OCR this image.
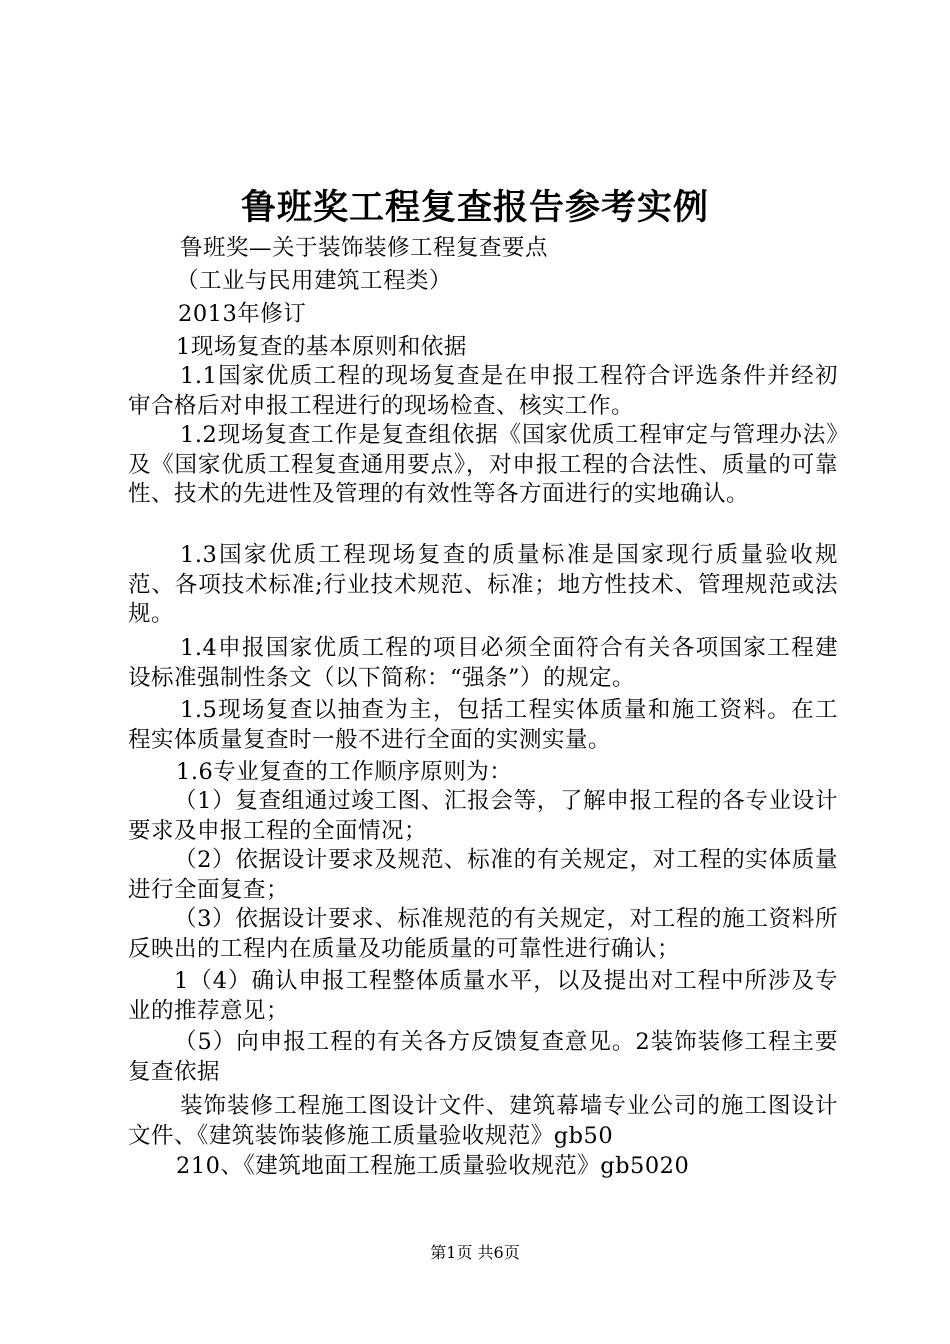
鲁班奖工程复查报告参考实例

鲁班奖—关于装饰装修工程复查要点

（工业与民用建筑工程类）

2013年修订

1现场复查的基本原则和依据

1.1国家优质工程的现场复查是在申报工程符合评选条件并经初审合格后对申报工程进行的现场检查、核实工作。

1.2现场复查工作是复查组依据《国家优质工程审定与管理办法》及《国家优质工程复查通用要点》，对申报工程的合法性、质量的可靠性、技术的先进性及管理的有效性等各方面进行的实地确认。

1.3国家优质工程现场复查的质量标准是国家现行质量验收规范、各项技术标准;行业技术规范、标准；地方性技术、管理规范或法规。

1.4申报国家优质工程的项目必须全面符合有关各项国家工程建设标准强制性条文（以下简称：“强条”）的规定。

1.5现场复查以抽查为主，包括工程实体质量和施工资料。在工程实体质量复查时一般不进行全面的实测实量。

1.6专业复查的工作顺序原则为：

（1）复查组通过竣工图、汇报会等，了解申报工程的各专业设计要求及申报工程的全面情况；

（2）依据设计要求及规范、标准的有关规定，对工程的实体质量进行全面复查；

（3）依据设计要求、标准规范的有关规定，对工程的施工资料所反映出的工程内在质量及功能质量的可靠性进行确认；

1（4）确认申报工程整体质量水平，以及提出对工程中所涉及专业的推荐意见；

（5）向申报工程的有关各方反馈复查意见。2装饰装修工程主要复查依据

装饰装修工程施工图设计文件、建筑幕墙专业公司的施工图设计文件、《建筑装饰装修施工质量验收规范》gb50

210、《建筑地面工程施工质量验收规范》gb5020

第1页 共6页
